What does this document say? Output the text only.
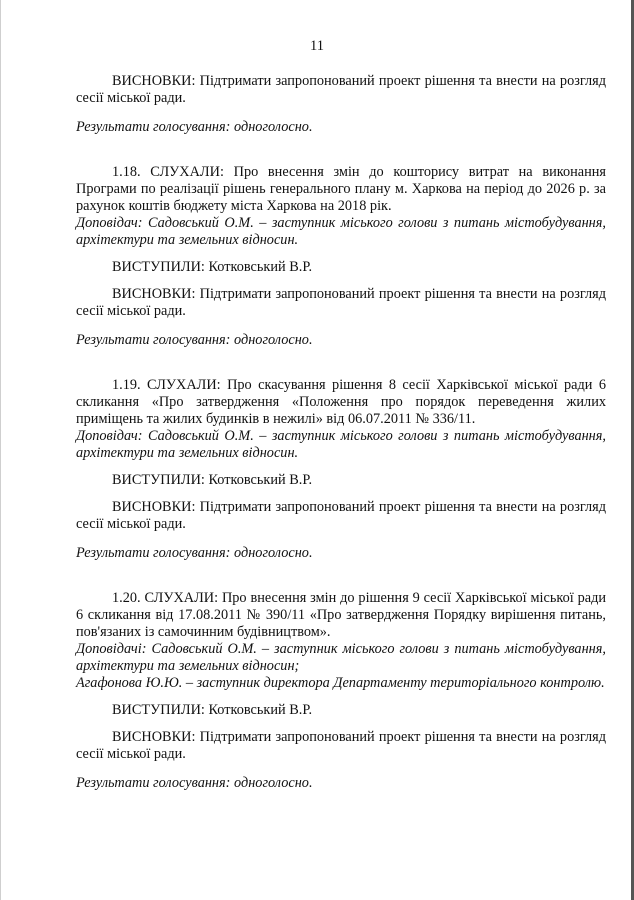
11

ВИСНОВКИ: Підтримати запропонований проект рішення та внести на розгляд сесії міської ради.

Результати голосування: одноголосно.

1.18. СЛУХАЛИ: Про внесення змін до кошторису витрат на виконання Програми по реалізації рішень генерального плану м. Харкова на період до 2026 р. за рахунок коштів бюджету міста Харкова на 2018 рік.

Доповідач: Садовський О.М. – заступник міського голови з питань містобудування, архітектури та земельних відносин.

ВИСТУПИЛИ: Котковський В.Р.

ВИСНОВКИ: Підтримати запропонований проект рішення та внести на розгляд сесії міської ради.

Результати голосування: одноголосно.

1.19. СЛУХАЛИ: Про скасування рішення 8 сесії Харківської міської ради 6 скликання «Про затвердження «Положення про порядок переведення жилих приміщень та жилих будинків в нежилі» від 06.07.2011 № 336/11.

Доповідач: Садовський О.М. – заступник міського голови з питань містобудування, архітектури та земельних відносин.

ВИСТУПИЛИ: Котковський В.Р.

ВИСНОВКИ: Підтримати запропонований проект рішення та внести на розгляд сесії міської ради.

Результати голосування: одноголосно.

1.20. СЛУХАЛИ: Про внесення змін до рішення 9 сесії Харківської міської ради 6 скликання від 17.08.2011 № 390/11 «Про затвердження Порядку вирішення питань, пов'язаних із самочинним будівництвом».

Доповідачі: Садовський О.М. – заступник міського голови з питань містобудування, архітектури та земельних відносин;

Агафонова Ю.Ю. – заступник директора Департаменту територіального контролю.

ВИСТУПИЛИ: Котковський В.Р.

ВИСНОВКИ: Підтримати запропонований проект рішення та внести на розгляд сесії міської ради.

Результати голосування: одноголосно.
